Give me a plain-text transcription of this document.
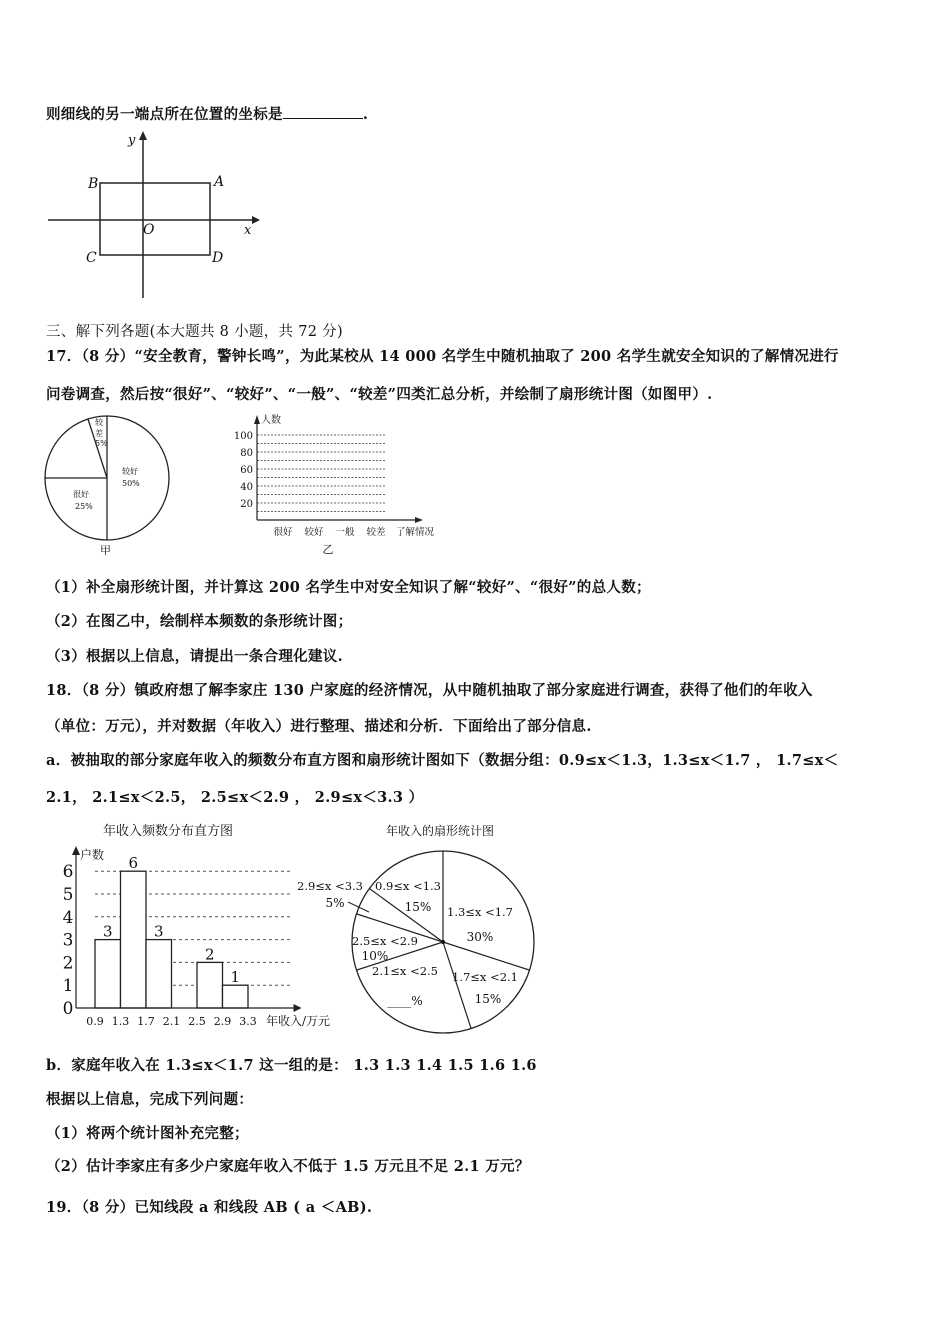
则细线的另一端点所在位置的坐标是	.
y
x
O
A
B
C	D
三、解下列各题(本大题共 8 小题，共 72 分)
17．（8 分）“安全教育，警钟长鸣”，为此某校从 14 000 名学生中随机抽取了 200 名学生就安全知识的了解情况进行
问卷调查，然后按“很好”、“较好”、“一般”、“较差”四类汇总分析，并绘制了扇形统计图（如图甲）.
较好
50%
很好
25%
较
差
5%
甲
100
80
60
40
20
很好 较好 一般 较差 了解情况
人数
乙
（1）补全扇形统计图，并计算这 200 名学生中对安全知识了解“较好”、“很好”的总人数；
（2）在图乙中，绘制样本频数的条形统计图；
（3）根据以上信息，请提出一条合理化建议.
18．（8 分）镇政府想了解李家庄 130 户家庭的经济情况，从中随机抽取了部分家庭进行调查，获得了他们的年收入
（单位：万元），并对数据（年收入）进行整理、描述和分析．下面给出了部分信息.
a．被抽取的部分家庭年收入的频数分布直方图和扇形统计图如下（数据分组：0.9≤x＜1.3，1.3≤x＜1.7 ， 1.7≤x＜
2.1， 2.1≤x＜2.5， 2.5≤x＜2.9 ， 2.9≤x＜3.3 ）
年收入频数分布直方图
0
1
2
3
4
5
6
3
6
3
2
1
户数
0.9 1.3 1.7 2.1 2.5 2.9 3.3 年收入/万元
年收入的扇形统计图
1.3≤x <1.7
30%
1.7≤x <2.1
15%
2.1≤x <2.5
____%
2.5≤x <2.9
10%
2.9≤x <3.3
5%
0.9≤x <1.3
15%
b．家庭年收入在 1.3≤x＜1.7 这一组的是： 1.3 1.3 1.4 1.5 1.6 1.6
根据以上信息，完成下列问题：
（1）将两个统计图补充完整；
（2）估计李家庄有多少户家庭年收入不低于 1.5 万元且不足 2.1 万元？
19．（8 分）已知线段 a 和线段 AB ( a ＜AB).
